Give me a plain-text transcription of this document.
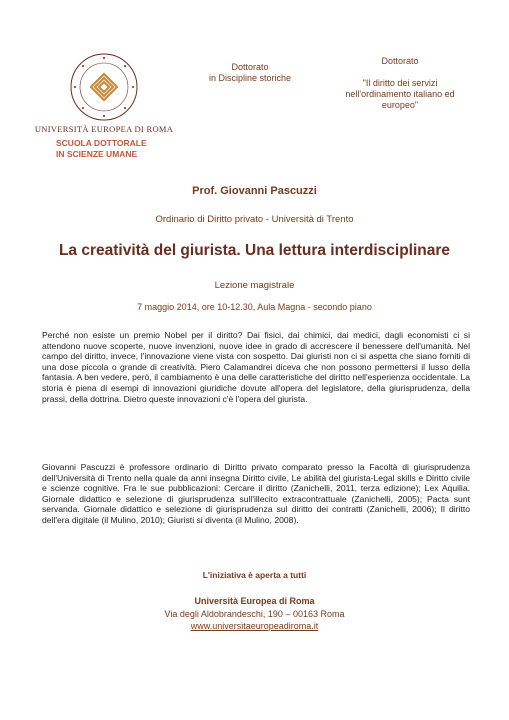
UNIVERSITÀ EUROPEA DI ROMA
SCUOLA DOTTORALE
IN SCIENZE UMANE
Dottorato
in Discipline storiche
Dottorato
"Il diritto dei servizi
nell'ordinamento italiano ed
europeo"
Prof. Giovanni Pascuzzi
Ordinario di Diritto privato - Università di Trento
La creatività del giurista. Una lettura interdisciplinare
Lezione magistrale
7 maggio 2014, ore 10-12.30, Aula Magna - secondo piano

Perché non esiste un premio Nobel per il diritto? Dai fisici, dai chimici, dai medici, dagli economisti ci si attendono nuove scoperte, nuove invenzioni, nuove idee in grado di accrescere il benessere dell'umanità. Nel campo del diritto, invece, l'innovazione viene vista con sospetto. Dai giuristi non ci si aspetta che siano forniti di una dose piccola o grande di creatività. Piero Calamandrei diceva che non possono permettersi il lusso della fantasia. A ben vedere, però, il cambiamento è una delle caratteristiche del diritto nell'esperienza occidentale. La storia è piena di esempi di innovazioni giuridiche dovute all'opera del legislatore, della giurisprudenza, della prassi, della dottrina. Dietro queste innovazioni c'è l'opera del giurista.

Giovanni Pascuzzi è professore ordinario di Diritto privato comparato presso la Facoltà di giurisprudenza dell'Università di Trento nella quale da anni insegna Diritto civile, Le abilità del giurista-Legal skills e Diritto civile e scienze cognitive. Fra le sue pubblicazioni: Cercare il diritto (Zanichelli, 2011, terza edizione); Lex Aquilia. Giornale didattico e selezione di giurisprudenza sull'illecito extracontrattuale (Zanichelli, 2005); Pacta sunt servanda. Giornale didattico e selezione di giurisprudenza sul diritto dei contratti (Zanichelli, 2006); Il diritto dell'era digitale (il Mulino, 2010); Giuristi si diventa (il Mulino, 2008).

L'iniziativa è aperta a tutti
Università Europea di Roma
Via degli Aldobrandeschi, 190 – 00163 Roma
www.universitaeuropeadiroma.it
